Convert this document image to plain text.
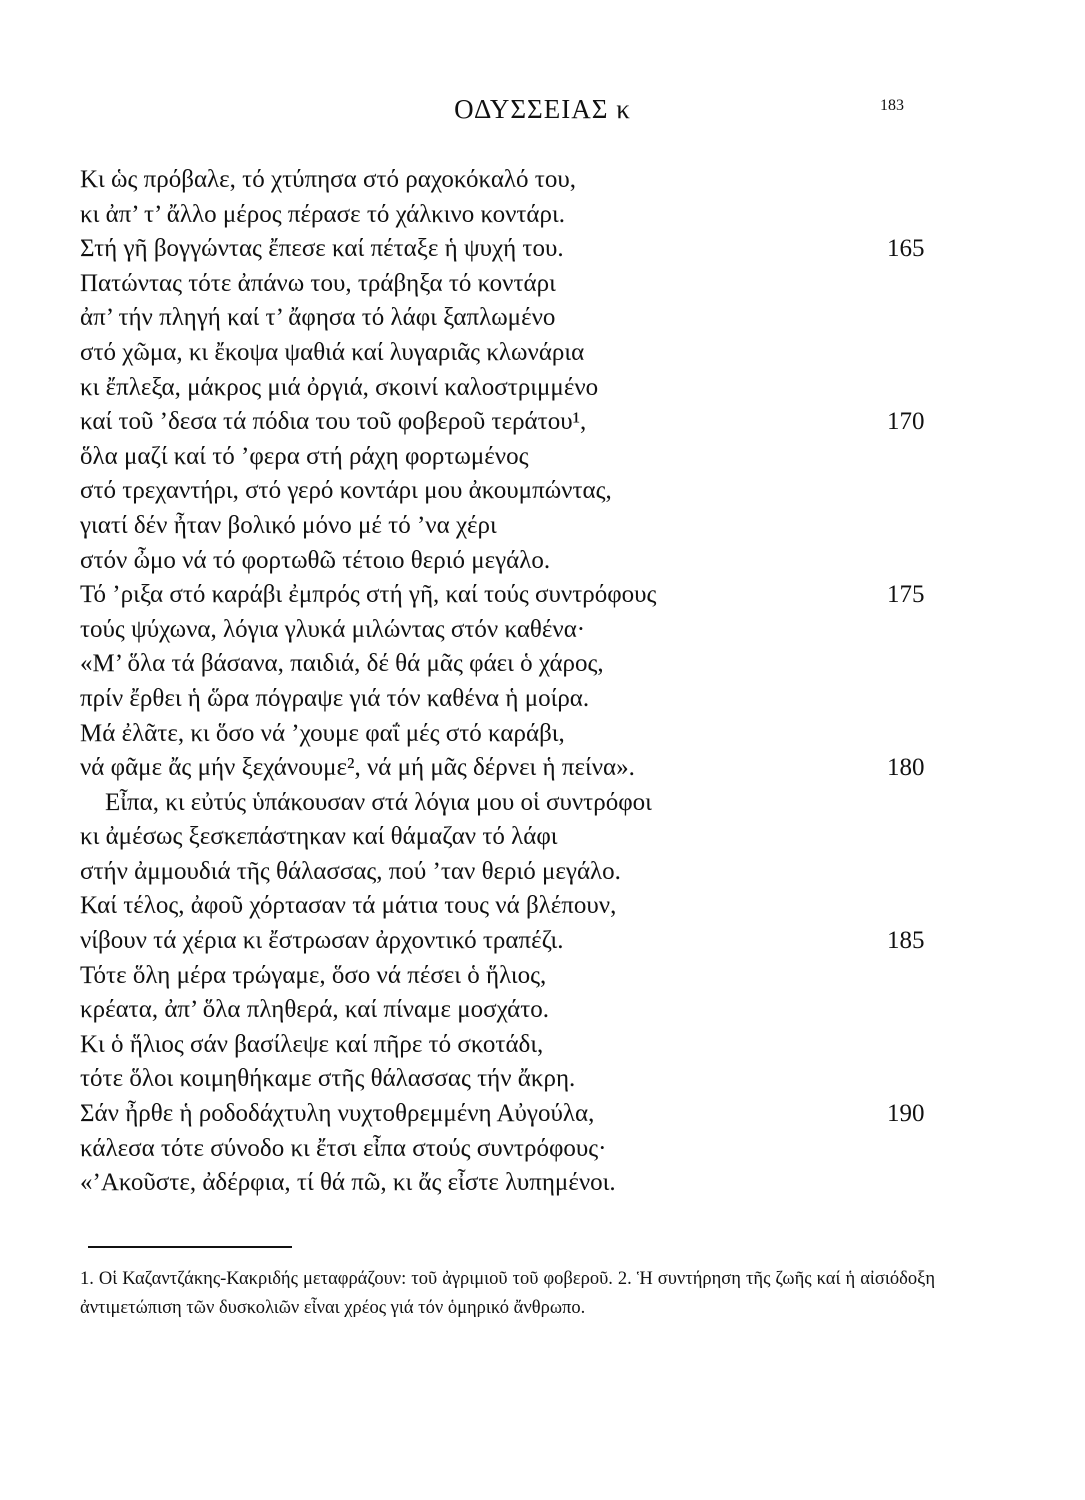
ΟΔΥΣΣΕΙΑΣ κ	183
Κι ὡς πρόβαλε, τό χτύπησα στό ραχοκόκαλό του,
κι ἀπ’ τ’ ἄλλο μέρος πέρασε τό χάλκινο κοντάρι.
Στή γῆ βογγώντας ἔπεσε καί πέταξε ἡ ψυχή του.	165
Πατώντας τότε ἀπάνω του, τράβηξα τό κοντάρι
ἀπ’ τήν πληγή καί τ’ ἄφησα τό λάφι ξαπλωμένο
στό χῶμα, κι ἔκοψα ψαθιά καί λυγαριᾶς κλωνάρια
κι ἔπλεξα, μάκρος μιά ὀργιά, σκοινί καλοστριμμένο
καί τοῦ ’δεσα τά πόδια του τοῦ φοβεροῦ τεράτου¹,	170
ὅλα μαζί καί τό ’φερα στή ράχη φορτωμένος
στό τρεχαντήρι, στό γερό κοντάρι μου ἀκουμπώντας,
γιατί δέν ἦταν βολικό μόνο μέ τό ’να χέρι
στόν ὦμο νά τό φορτωθῶ τέτοιο θεριό μεγάλο.
Τό ’ριξα στό καράβι ἐμπρός στή γῆ, καί τούς συντρόφους	175
τούς ψύχωνα, λόγια γλυκά μιλώντας στόν καθένα·
«Μ’ ὅλα τά βάσανα, παιδιά, δέ θά μᾶς φάει ὁ χάρος,
πρίν ἔρθει ἡ ὥρα πόγραψε γιά τόν καθένα ἡ μοίρα.
Μά ἐλᾶτε, κι ὅσο νά ’χουμε φαΐ μές στό καράβι,
νά φᾶμε ἄς μήν ξεχάνουμε², νά μή μᾶς δέρνει ἡ πείνα».	180
Εἶπα, κι εὐτύς ὑπάκουσαν στά λόγια μου οἱ συντρόφοι
κι ἀμέσως ξεσκεπάστηκαν καί θάμαζαν τό λάφι
στήν ἀμμουδιά τῆς θάλασσας, πού ’ταν θεριό μεγάλο.
Καί τέλος, ἀφοῦ χόρτασαν τά μάτια τους νά βλέπουν,
νίβουν τά χέρια κι ἔστρωσαν ἀρχοντικό τραπέζι.	185
Τότε ὅλη μέρα τρώγαμε, ὅσο νά πέσει ὁ ἥλιος,
κρέατα, ἀπ’ ὅλα πληθερά, καί πίναμε μοσχάτο.
Κι ὁ ἥλιος σάν βασίλεψε καί πῆρε τό σκοτάδι,
τότε ὅλοι κοιμηθήκαμε στῆς θάλασσας τήν ἄκρη.
Σάν ἦρθε ἡ ροδοδάχτυλη νυχτοθρεμμένη Αὐγούλα,	190
κάλεσα τότε σύνοδο κι ἔτσι εἶπα στούς συντρόφους·
«’Ακοῦστε, ἀδέρφια, τί θά πῶ, κι ἄς εἶστε λυπημένοι.
1. Οἱ Καζαντζάκης-Κακριδής μεταφράζουν: τοῦ ἀγριμιοῦ τοῦ φοβεροῦ. 2. Ἡ συντήρηση τῆς ζωῆς καί ἡ αἰσιόδοξη ἀντιμετώπιση τῶν δυσκολιῶν εἶναι χρέος γιά τόν ὁμηρικό ἄνθρωπο.
